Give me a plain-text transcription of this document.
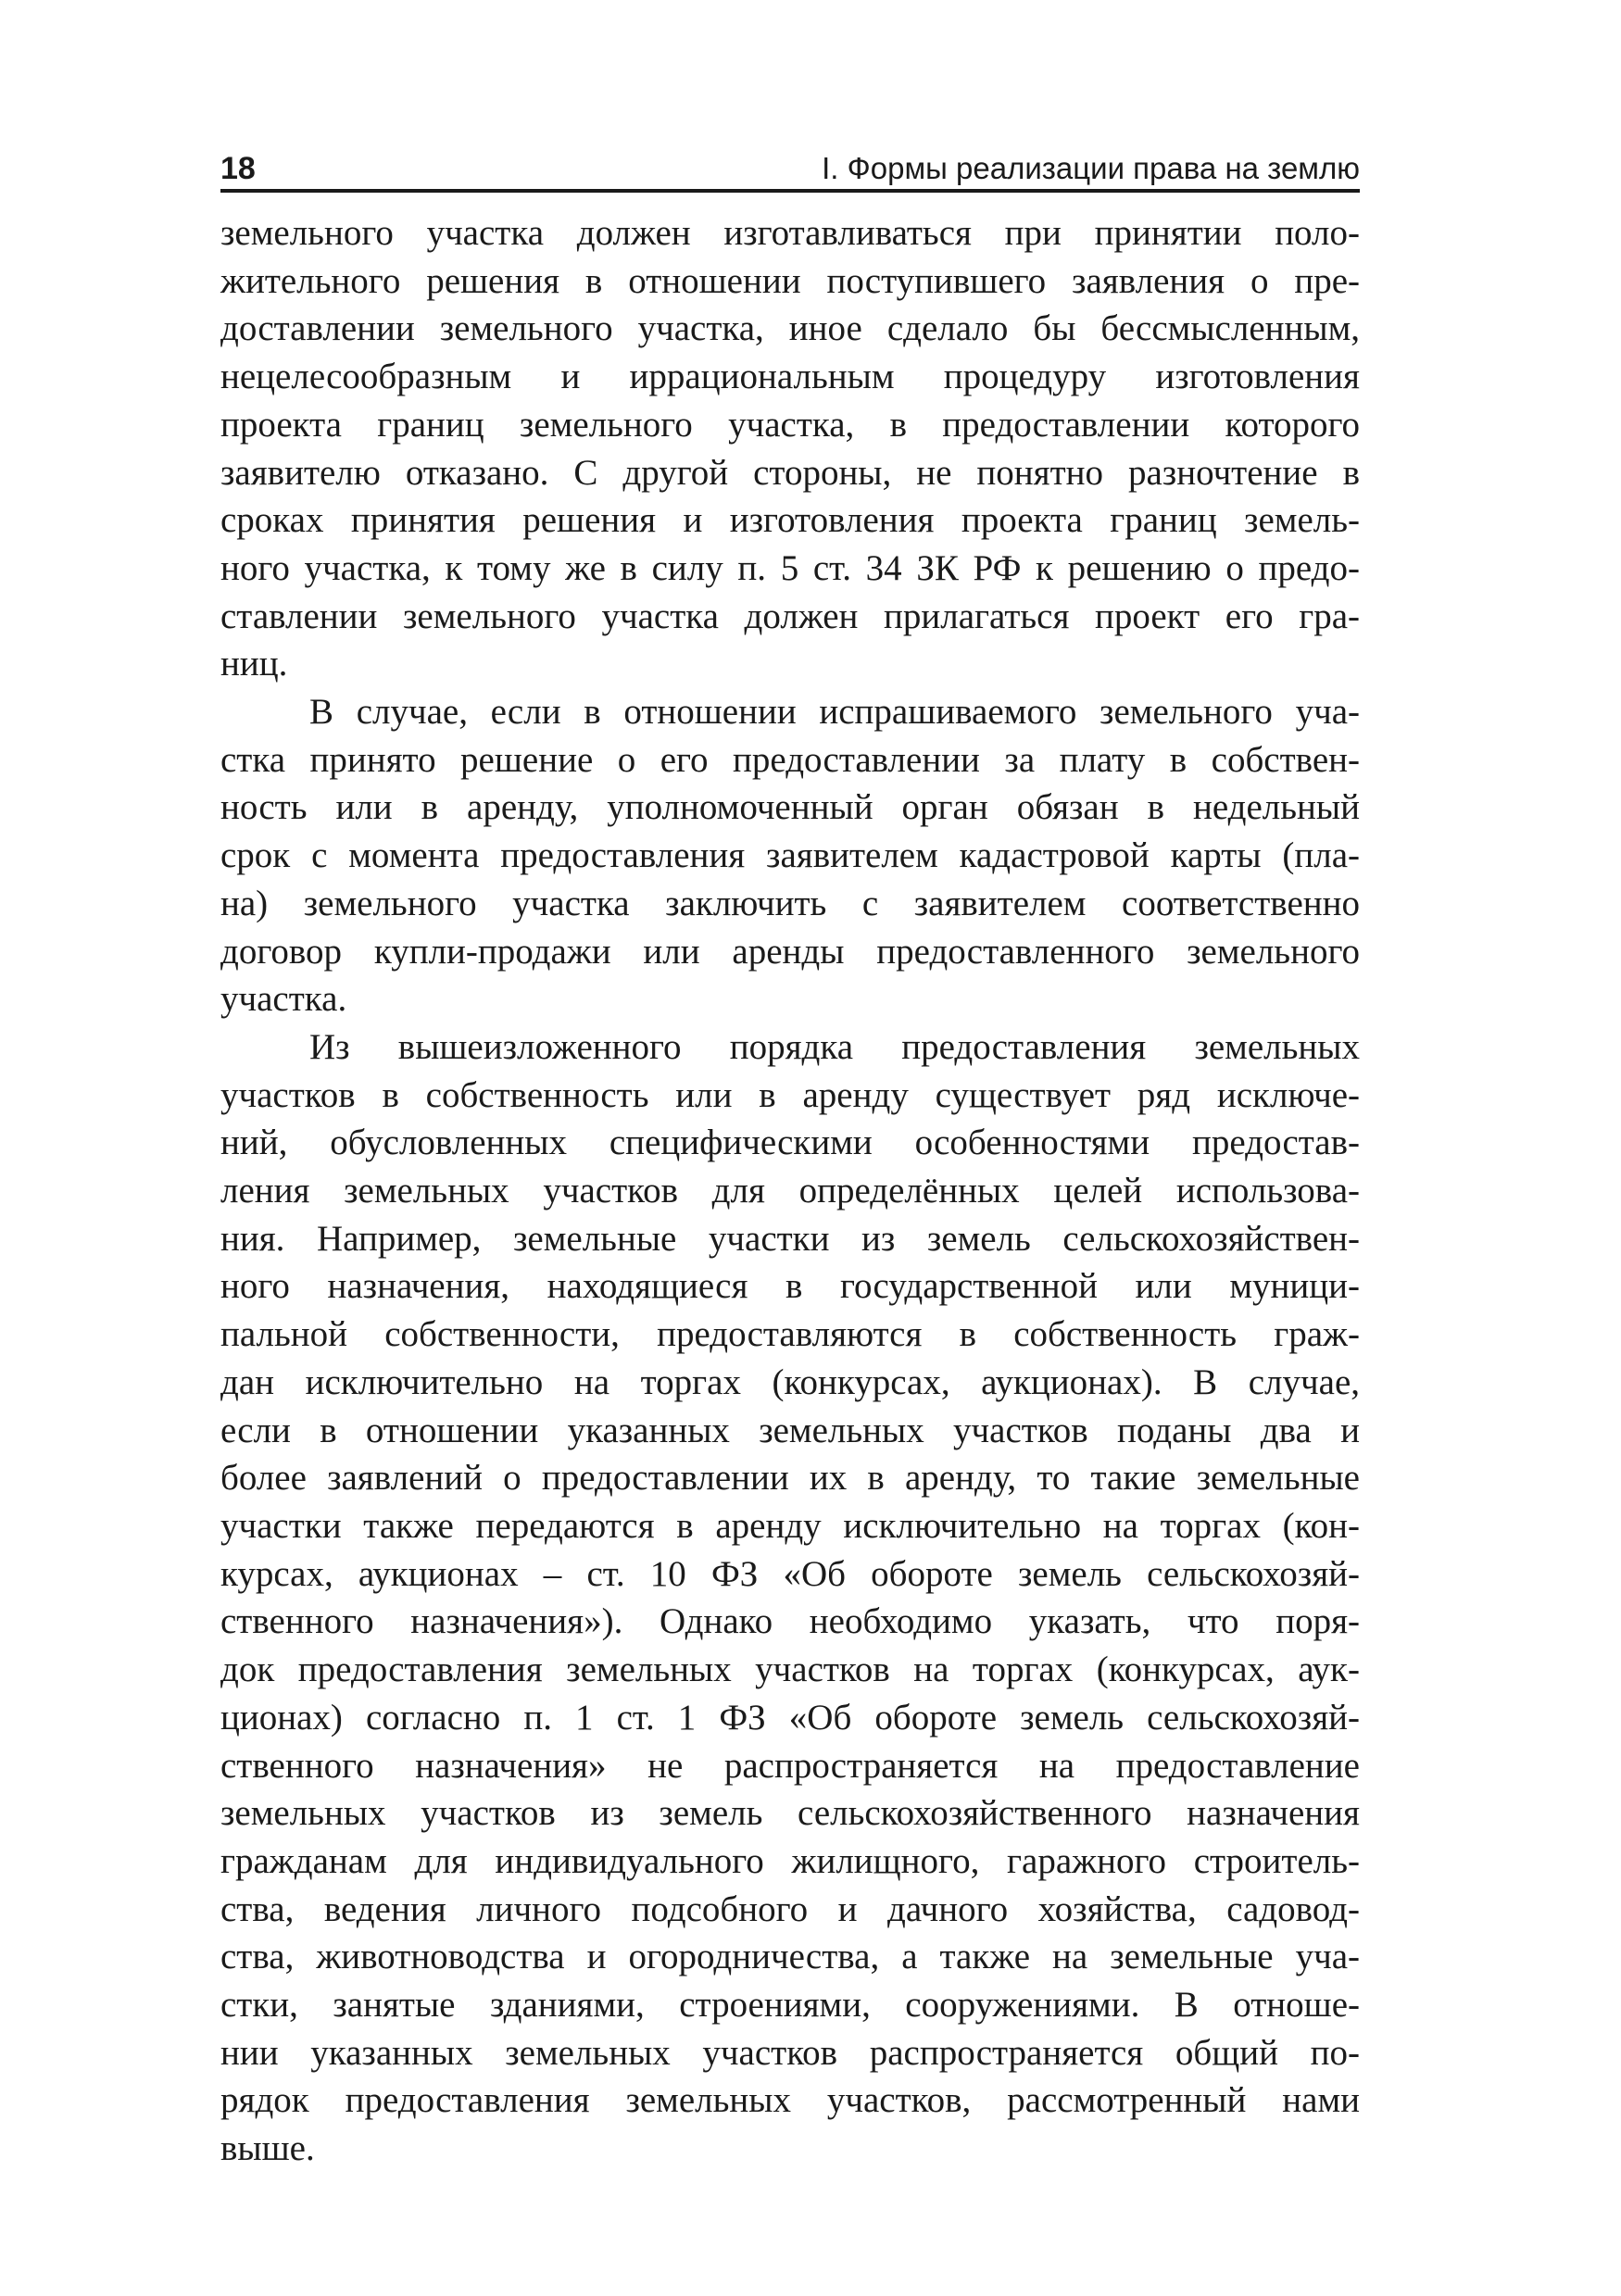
18	I. Формы реализации права на землю
земельного участка должен изготавливаться при принятии поло-
жительного решения в отношении поступившего заявления о пре-
доставлении земельного участка, иное сделало бы бессмысленным,
нецелесообразным и иррациональным процедуру изготовления
проекта границ земельного участка, в предоставлении которого
заявителю отказано. С другой стороны, не понятно разночтение в
сроках принятия решения и изготовления проекта границ земель-
ного участка, к тому же в силу п. 5 ст. 34 ЗК РФ к решению о предо-
ставлении земельного участка должен прилагаться проект его гра-
ниц.
В случае, если в отношении испрашиваемого земельного уча-
стка принято решение о его предоставлении за плату в собствен-
ность или в аренду, уполномоченный орган обязан в недельный
срок с момента предоставления заявителем кадастровой карты (пла-
на) земельного участка заключить с заявителем соответственно
договор купли-продажи или аренды предоставленного земельного
участка.
Из вышеизложенного порядка предоставления земельных
участков в собственность или в аренду существует ряд исключе-
ний, обусловленных специфическими особенностями предостав-
ления земельных участков для определённых целей использова-
ния. Например, земельные участки из земель сельскохозяйствен-
ного назначения, находящиеся в государственной или муници-
пальной собственности, предоставляются в собственность граж-
дан исключительно на торгах (конкурсах, аукционах). В случае,
если в отношении указанных земельных участков поданы два и
более заявлений о предоставлении их в аренду, то такие земельные
участки также передаются в аренду исключительно на торгах (кон-
курсах, аукционах – ст. 10 ФЗ «Об обороте земель сельскохозяй-
ственного назначения»). Однако необходимо указать, что поря-
док предоставления земельных участков на торгах (конкурсах, аук-
ционах) согласно п. 1 ст. 1 ФЗ «Об обороте земель сельскохозяй-
ственного назначения» не распространяется на предоставление
земельных участков из земель сельскохозяйственного назначения
гражданам для индивидуального жилищного, гаражного строитель-
ства, ведения личного подсобного и дачного хозяйства, садовод-
ства, животноводства и огородничества, а также на земельные уча-
стки, занятые зданиями, строениями, сооружениями. В отноше-
нии указанных земельных участков распространяется общий по-
рядок предоставления земельных участков, рассмотренный нами
выше.
